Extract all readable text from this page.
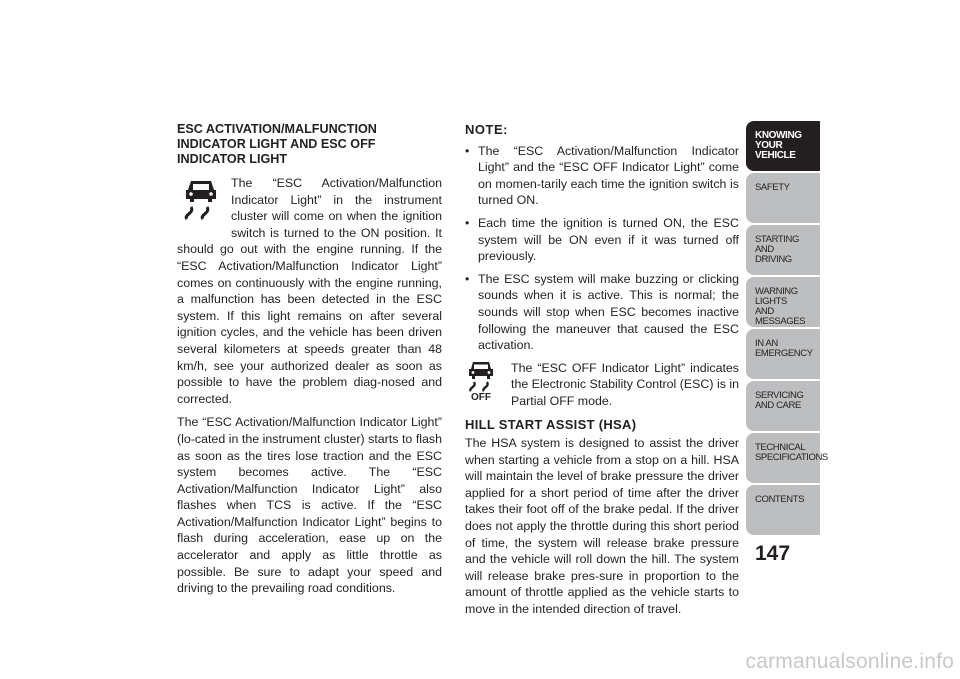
ESC ACTIVATION/MALFUNCTION
INDICATOR LIGHT AND ESC OFF
INDICATOR LIGHT

The “ESC Activation/Malfunction Indicator Light” in the instrument cluster will come on when the ignition switch is turned to the ON position. It should go out with the engine running. If the “ESC Activation/Malfunction Indicator Light” comes on continuously with the engine running, a malfunction has been detected in the ESC system. If this light remains on after several ignition cycles, and the vehicle has been driven several kilometers at speeds greater than 48 km/h, see your authorized dealer as soon as possible to have the problem diag-nosed and corrected.

The “ESC Activation/Malfunction Indicator Light” (lo-cated in the instrument cluster) starts to flash as soon as the tires lose traction and the ESC system becomes active. The “ESC Activation/Malfunction Indicator Light” also flashes when TCS is active. If the “ESC Activation/Malfunction Indicator Light” begins to flash during acceleration, ease up on the accelerator and apply as little throttle as possible. Be sure to adapt your speed and driving to the prevailing road conditions.

NOTE:
• The “ESC Activation/Malfunction Indicator Light” and the “ESC OFF Indicator Light” come on momen-tarily each time the ignition switch is turned ON.
• Each time the ignition is turned ON, the ESC system will be ON even if it was turned off previously.
• The ESC system will make buzzing or clicking sounds when it is active. This is normal; the sounds will stop when ESC becomes inactive following the maneuver that caused the ESC activation.

OFF
The “ESC OFF Indicator Light” indicates the Electronic Stability Control (ESC) is in Partial OFF mode.

HILL START ASSIST (HSA)

The HSA system is designed to assist the driver when starting a vehicle from a stop on a hill. HSA will maintain the level of brake pressure the driver applied for a short period of time after the driver takes their foot off of the brake pedal. If the driver does not apply the throttle during this short period of time, the system will release brake pressure and the vehicle will roll down the hill. The system will release brake pres-sure in proportion to the amount of throttle applied as the vehicle starts to move in the intended direction of travel.

KNOWING
YOUR
VEHICLE
SAFETY
STARTING
AND
DRIVING
WARNING
LIGHTS
AND
MESSAGES
IN AN
EMERGENCY
SERVICING
AND CARE
TECHNICAL
SPECIFICATIONS
CONTENTS
147
carmanualsonline.info
